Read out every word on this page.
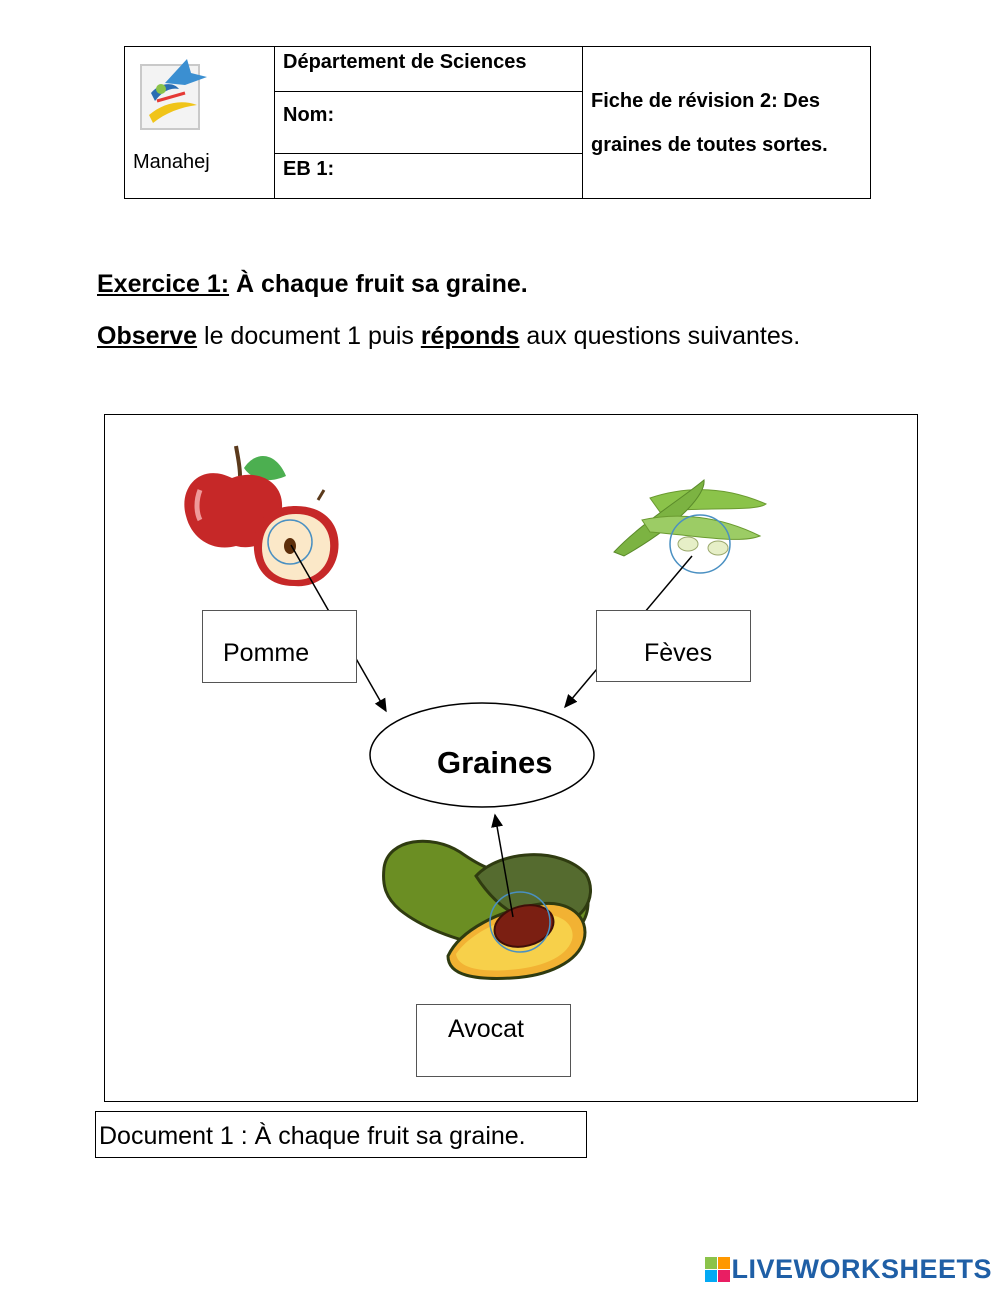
Manahej
Département de Sciences
Nom:
EB 1:
Fiche de révision 2: Des
graines de toutes sortes.
Exercice 1: À chaque fruit sa graine.
Observe le document 1 puis réponds aux questions suivantes.
Graines
Pomme	Fèves
Avocat
Document 1 : À chaque fruit sa graine.
LIVEWORKSHEETS
